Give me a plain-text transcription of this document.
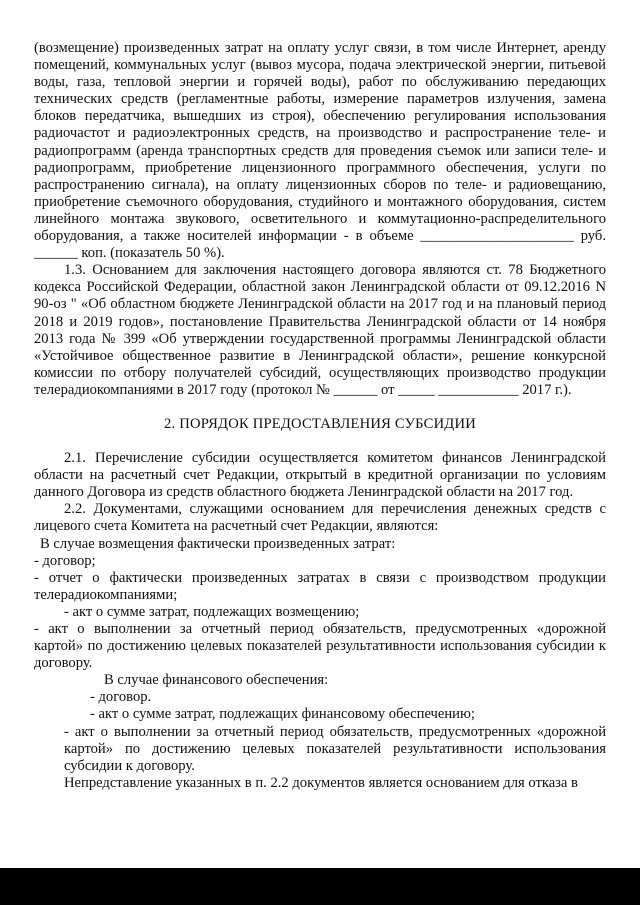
(возмещение) произведенных затрат на оплату услуг связи, в том числе Интернет, аренду помещений, коммунальных услуг (вывоз мусора, подача электрической энергии, питьевой воды, газа, тепловой энергии и горячей воды), работ по обслуживанию передающих технических средств (регламентные работы, измерение параметров излучения, замена блоков передатчика, вышедших из строя), обеспечению регулирования использования радиочастот и радиоэлектронных средств, на производство и распространение теле- и радиопрограмм (аренда транспортных средств для проведения съемок или записи теле- и радиопрограмм, приобретение лицензионного программного обеспечения, услуги по распространению сигнала), на оплату лицензионных сборов по теле- и радиовещанию, приобретение съемочного оборудования, студийного и монтажного оборудования, систем линейного монтажа звукового, осветительного и коммутационно-распределительного оборудования, а также носителей информации - в объеме _____________________ руб. ______ коп. (показатель 50 %).

1.3. Основанием для заключения настоящего договора являются ст. 78 Бюджетного кодекса Российской Федерации, областной закон Ленинградской области от 09.12.2016 N 90-оз " «Об областном бюджете Ленинградской области на 2017 год и на плановый период 2018 и 2019 годов», постановление Правительства Ленинградской области от 14 ноября 2013 года № 399 «Об утверждении государственной программы Ленинградской области «Устойчивое общественное развитие в Ленинградской области», решение конкурсной комиссии по отбору получателей субсидий, осуществляющих производство продукции телерадиокомпаниями в 2017 году (протокол № ______ от _____ ___________ 2017 г.).

2. ПОРЯДОК ПРЕДОСТАВЛЕНИЯ СУБСИДИИ

2.1. Перечисление субсидии осуществляется комитетом финансов Ленинградской области на расчетный счет Редакции, открытый в кредитной организации по условиям данного Договора из средств областного бюджета Ленинградской области на 2017 год.

2.2. Документами, служащими основанием для перечисления денежных средств с лицевого счета Комитета на расчетный счет Редакции, являются:

В случае возмещения фактически произведенных затрат:

- договор;

- отчет о фактически произведенных затратах в связи с производством продукции телерадиокомпаниями;

- акт о сумме затрат, подлежащих возмещению;

- акт о выполнении за отчетный период обязательств, предусмотренных «дорожной картой» по достижению целевых показателей результативности использования субсидии к договору.

В случае финансового обеспечения:

- договор.

- акт о сумме затрат, подлежащих финансовому обеспечению;

- акт о выполнении за отчетный период обязательств, предусмотренных «дорожной картой» по достижению целевых показателей результативности использования субсидии к договору.

Непредставление указанных в п. 2.2 документов является основанием для отказа в
